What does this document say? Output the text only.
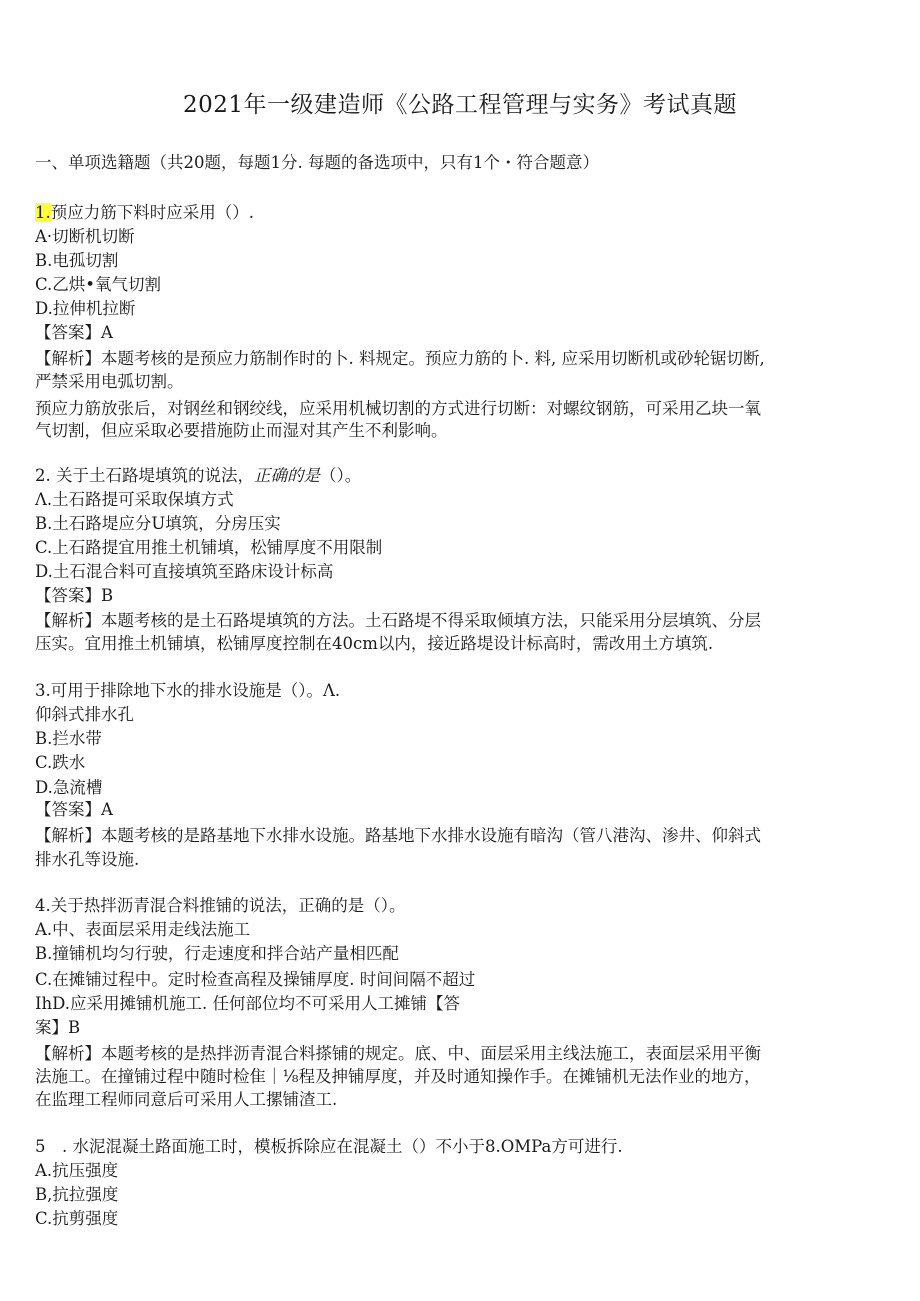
2021年一级建造师《公路工程管理与实务》考试真题
一、单项选籍题（共20题，每题1分. 每题的备选项中，只有1个・符合题意）
1.预应力筋下料时应采用（）.
A·切断机切断
B.电孤切割
C.乙烘•氧气切割
D.拉伸机拉断
【答案】A
【解析】本题考核的是预应力筋制作时的卜. 料规定。预应力筋的卜. 料, 应采用切断机或砂轮锯切断,
严禁采用电弧切割。
预应力筋放张后，对钢丝和钢绞线，应采用机械切割的方式进行切断：对螺纹钢筋，可采用乙块一氧
气切割，但应采取必要措施防止而湿对其产生不利影响。
2. 关于土石路堤填筑的说法，正确的是（）。
Λ.土石路提可采取保填方式
B.土石路堤应分U填筑，分房压实
C.上石路提宜用推土机铺填，松铺厚度不用限制
D.土石混合料可直接填筑至路床设计标高
【答案】B
【解析】本题考核的是土石路堤填筑的方法。土石路堤不得采取倾填方法，只能采用分层填筑、分层
压实。宜用推土机铺填，松铺厚度控制在40cm以内，接近路堤设计标高时，需改用土方填筑.
3.可用于排除地下水的排水设施是（）。Λ.
仰斜式排水孔
B.拦水带
C.跌水
D.急流槽
【答案】A
【解析】本题考核的是路基地下水排水设施。路基地下水排水设施有暗沟（管八港沟、渗井、仰斜式
排水孔等设施.
4.关于热拌沥青混合料推铺的说法，正确的是（）。
A.中、表面层采用走线法施工
B.撞铺机均匀行驶，行走速度和拌合站产量相匹配
C.在摊铺过程中。定时检查高程及操铺厚度. 时间间隔不超过
IhD.应采用摊铺机施工. 任何部位均不可采用人工摊铺【答
案】B
【解析】本题考核的是热拌沥青混合料搽铺的规定。底、中、面层采用主线法施工，表面层采用平衡
法施工。在撞铺过程中随时检隹｜⅛程及抻铺厚度，并及时通知操作手。在摊铺机无法作业的地方，
在监理工程师同意后可采用人工摞铺渣工.
5　. 水泥混凝土路面施工时，模板拆除应在混凝土（）不小于8.OMPa方可进行.
A.抗压强度
B,抗拉强度
C.抗剪强度
